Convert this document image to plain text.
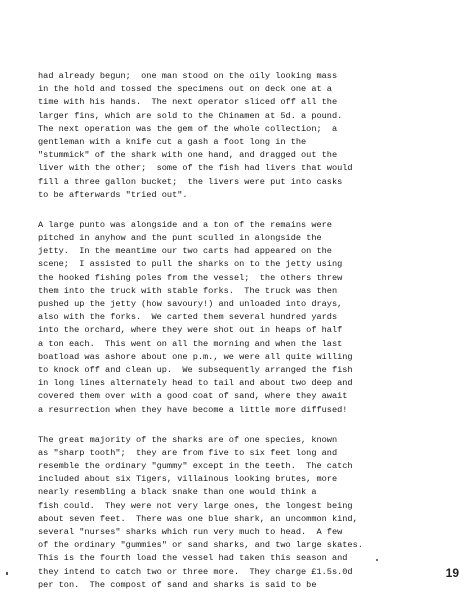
had already begun;  one man stood on the oily looking mass
in the hold and tossed the specimens out on deck one at a
time with his hands.  The next operator sliced off all the
larger fins, which are sold to the Chinamen at 5d. a pound.
The next operation was the gem of the whole collection;  a
gentleman with a knife cut a gash a foot long in the
"stummick" of the shark with one hand, and dragged out the
liver with the other;  some of the fish had livers that would
fill a three gallon bucket;  the livers were put into casks
to be afterwards "tried out".
A large punto was alongside and a ton of the remains were
pitched in anyhow and the punt sculled in alongside the
jetty.  In the meantime our two carts had appeared on the
scene;  I assisted to pull the sharks on to the jetty using
the hooked fishing poles from the vessel;  the others threw
them into the truck with stable forks.  The truck was then
pushed up the jetty (how savoury!) and unloaded into drays,
also with the forks.  We carted them several hundred yards
into the orchard, where they were shot out in heaps of half
a ton each.  This went on all the morning and when the last
boatload was ashore about one p.m., we were all quite willing
to knock off and clean up.  We subsequently arranged the fish
in long lines alternately head to tail and about two deep and
covered them over with a good coat of sand, where they await
a resurrection when they have become a little more diffused!
The great majority of the sharks are of one species, known
as "sharp tooth";  they are from five to six feet long and
resemble the ordinary "gummy" except in the teeth.  The catch
included about six Tigers, villainous looking brutes, more
nearly resembling a black snake than one would think a
fish could.  They were not very large ones, the longest being
about seven feet.  There was one blue shark, an uncommon kind,
several "nurses" sharks which run very much to head.  A few
of the ordinary "gummies" or sand sharks, and two large skates.
This is the fourth load the vessel had taken this season and
they intend to catch two or three more.  They charge £1.5s.0d
per ton.  The compost of sand and sharks is said to be
19
